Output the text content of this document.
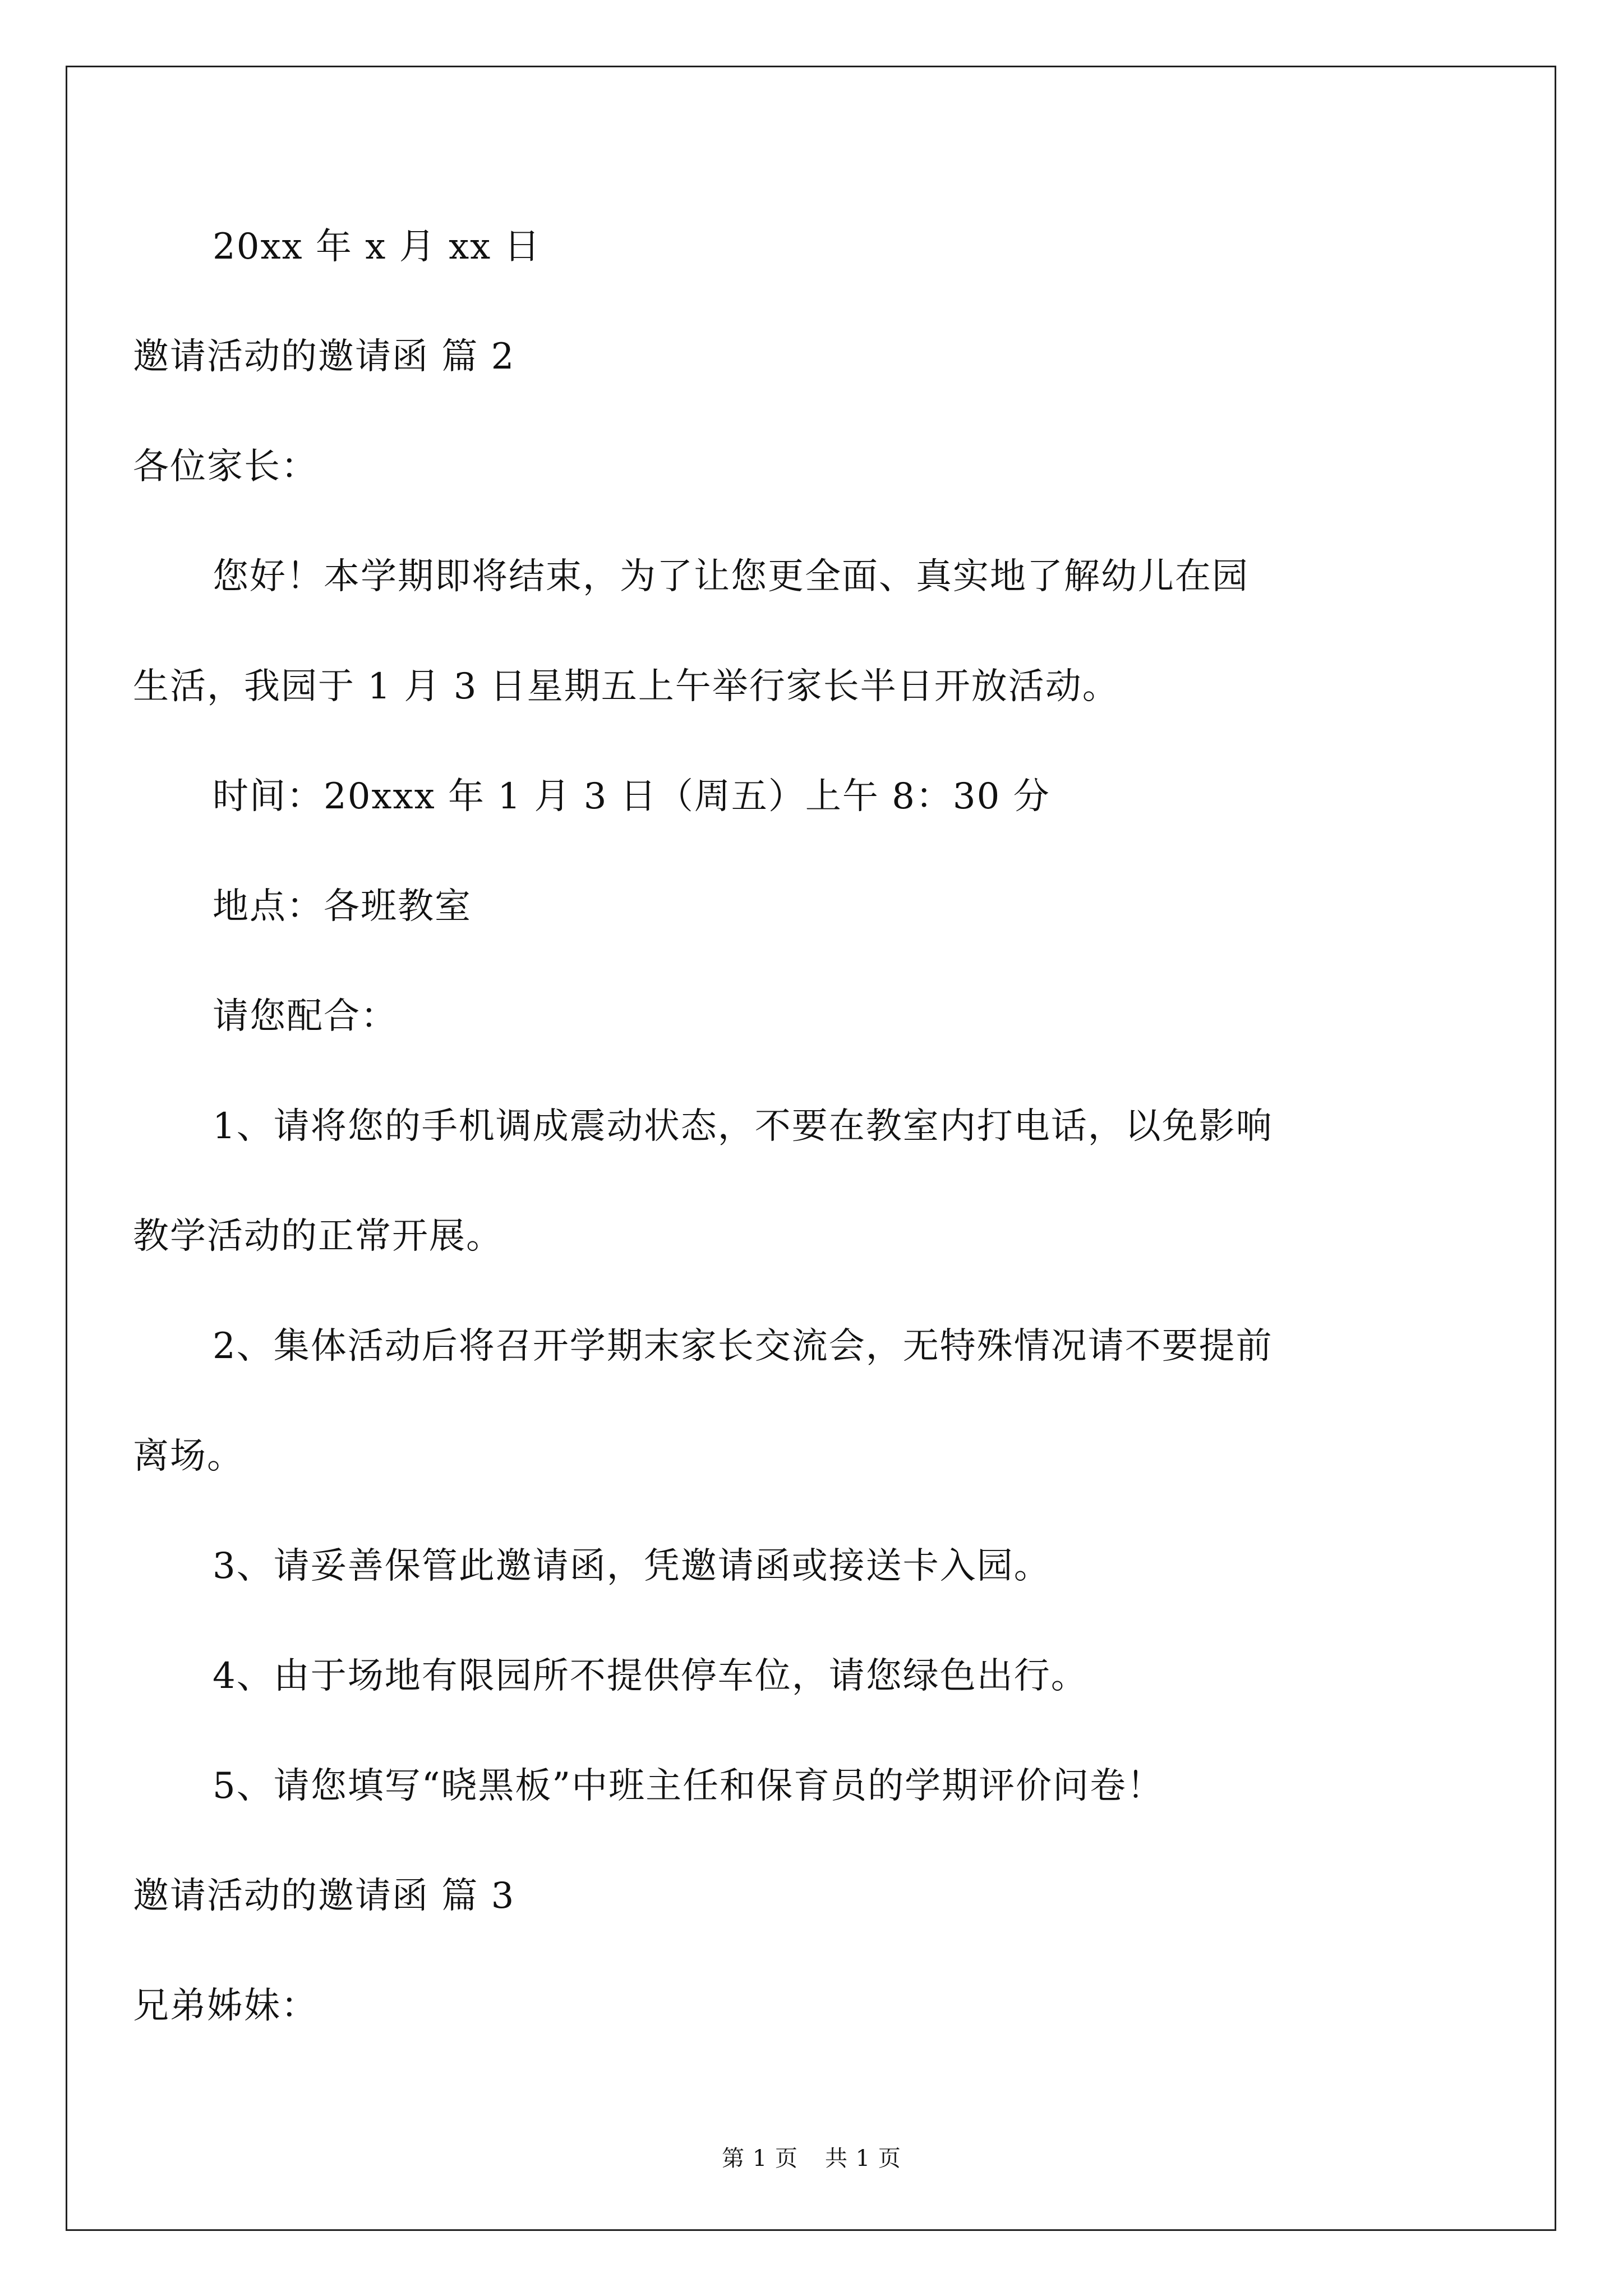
20xx 年 x 月 xx 日
邀请活动的邀请函 篇 2
各位家长：
您好！本学期即将结束，为了让您更全面、真实地了解幼儿在园
生活，我园于 1 月 3 日星期五上午举行家长半日开放活动。
时间：20xxx 年 1 月 3 日（周五）上午 8：30 分
地点：各班教室
请您配合：
1、请将您的手机调成震动状态，不要在教室内打电话，以免影响
教学活动的正常开展。
2、集体活动后将召开学期末家长交流会，无特殊情况请不要提前
离场。
3、请妥善保管此邀请函，凭邀请函或接送卡入园。
4、由于场地有限园所不提供停车位，请您绿色出行。
5、请您填写“晓黑板”中班主任和保育员的学期评价问卷！
邀请活动的邀请函 篇 3
兄弟姊妹：
第 1 页 共 1 页
